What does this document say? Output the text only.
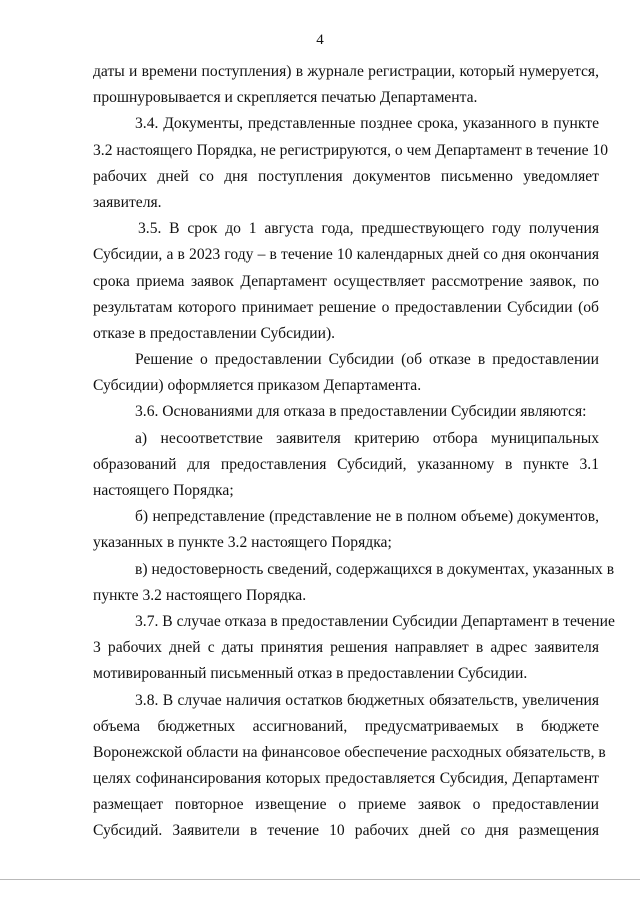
4
даты и времени поступления) в журнале регистрации, который нумеруется,
прошнуровывается и скрепляется печатью Департамента.
3.4. Документы, представленные позднее срока, указанного в пункте
3.2 настоящего Порядка, не регистрируются, о чем Департамент в течение 10
рабочих дней со дня поступления документов письменно уведомляет
заявителя.
3.5. В срок до 1 августа года, предшествующего году получения
Субсидии, а в 2023 году – в течение 10 календарных дней со дня окончания
срока приема заявок Департамент осуществляет рассмотрение заявок, по
результатам которого принимает решение о предоставлении Субсидии (об
отказе в предоставлении Субсидии).
Решение о предоставлении Субсидии (об отказе в предоставлении
Субсидии) оформляется приказом Департамента.
3.6. Основаниями для отказа в предоставлении Субсидии являются:
а) несоответствие заявителя критерию отбора муниципальных
образований для предоставления Субсидий, указанному в пункте 3.1
настоящего Порядка;
б) непредставление (представление не в полном объеме) документов,
указанных в пункте 3.2 настоящего Порядка;
в) недостоверность сведений, содержащихся в документах, указанных в
пункте 3.2 настоящего Порядка.
3.7. В случае отказа в предоставлении Субсидии Департамент в течение
3 рабочих дней с даты принятия решения направляет в адрес заявителя
мотивированный письменный отказ в предоставлении Субсидии.
3.8. В случае наличия остатков бюджетных обязательств, увеличения
объема бюджетных ассигнований, предусматриваемых в бюджете
Воронежской области на финансовое обеспечение расходных обязательств, в
целях софинансирования которых предоставляется Субсидия, Департамент
размещает повторное извещение о приеме заявок о предоставлении
Субсидий. Заявители в течение 10 рабочих дней со дня размещения
